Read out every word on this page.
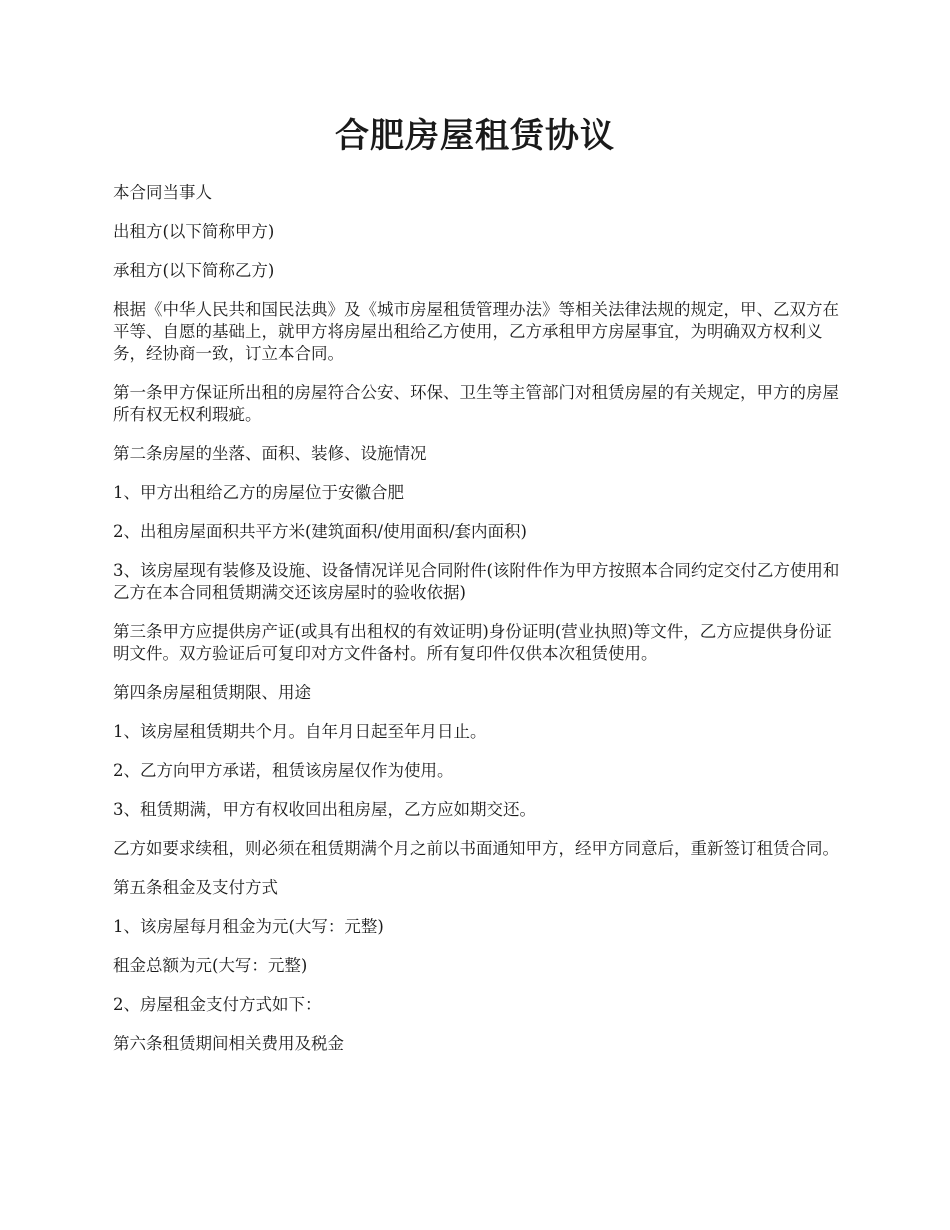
合肥房屋租赁协议

本合同当事人

出租方(以下简称甲方)

承租方(以下简称乙方)

根据《中华人民共和国民法典》及《城市房屋租赁管理办法》等相关法律法规的规定，甲、乙双方在平等、自愿的基础上，就甲方将房屋出租给乙方使用，乙方承租甲方房屋事宜，为明确双方权利义务，经协商一致，订立本合同。

第一条甲方保证所出租的房屋符合公安、环保、卫生等主管部门对租赁房屋的有关规定，甲方的房屋所有权无权利瑕疵。

第二条房屋的坐落、面积、装修、设施情况

1、甲方出租给乙方的房屋位于安徽合肥

2、出租房屋面积共平方米(建筑面积/使用面积/套内面积)

3、该房屋现有装修及设施、设备情况详见合同附件(该附件作为甲方按照本合同约定交付乙方使用和乙方在本合同租赁期满交还该房屋时的验收依据)

第三条甲方应提供房产证(或具有出租权的有效证明)身份证明(营业执照)等文件，乙方应提供身份证明文件。双方验证后可复印对方文件备村。所有复印件仅供本次租赁使用。

第四条房屋租赁期限、用途

1、该房屋租赁期共个月。自年月日起至年月日止。

2、乙方向甲方承诺，租赁该房屋仅作为使用。

3、租赁期满，甲方有权收回出租房屋，乙方应如期交还。

乙方如要求续租，则必须在租赁期满个月之前以书面通知甲方，经甲方同意后，重新签订租赁合同。

第五条租金及支付方式

1、该房屋每月租金为元(大写：元整)

租金总额为元(大写：元整)

2、房屋租金支付方式如下：

第六条租赁期间相关费用及税金
